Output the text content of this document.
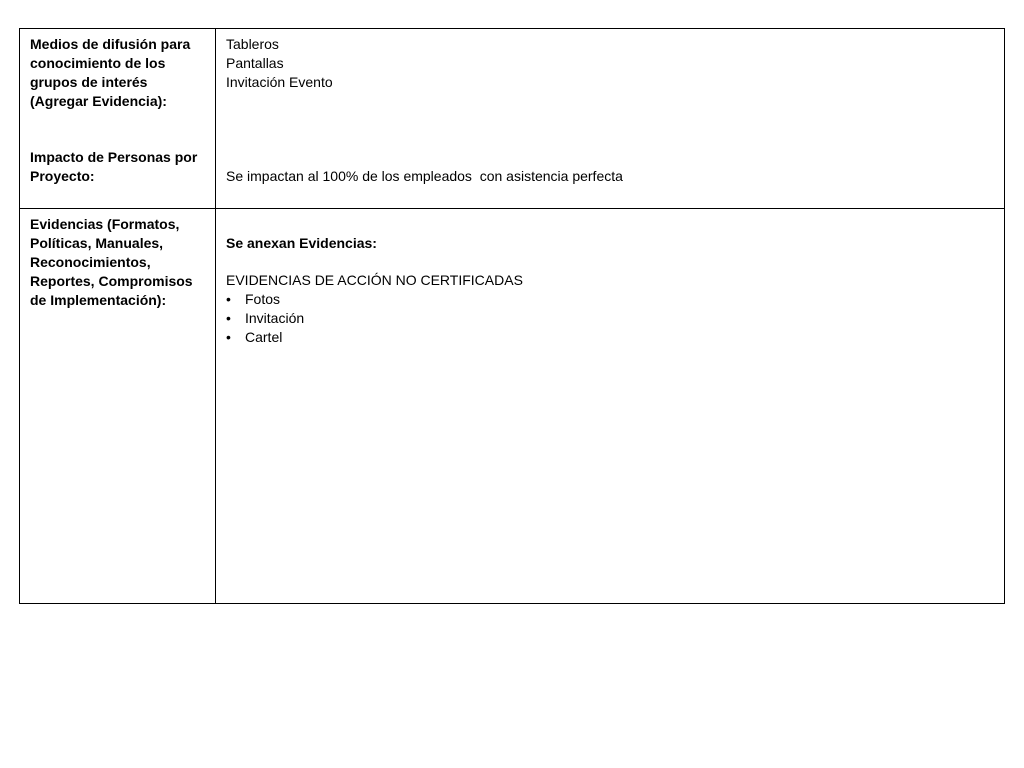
Medios de difusión para conocimiento de los grupos de interés (Agregar Evidencia):

Impacto de Personas por Proyecto:

Tableros

Pantallas

Invitación Evento

Se impactan al 100% de los empleados  con asistencia perfecta

Evidencias (Formatos, Políticas, Manuales, Reconocimientos, Reportes, Compromisos de Implementación):

Se anexan Evidencias:

EVIDENCIAS DE ACCIÓN NO CERTIFICADAS

• Fotos
• Invitación
• Cartel
